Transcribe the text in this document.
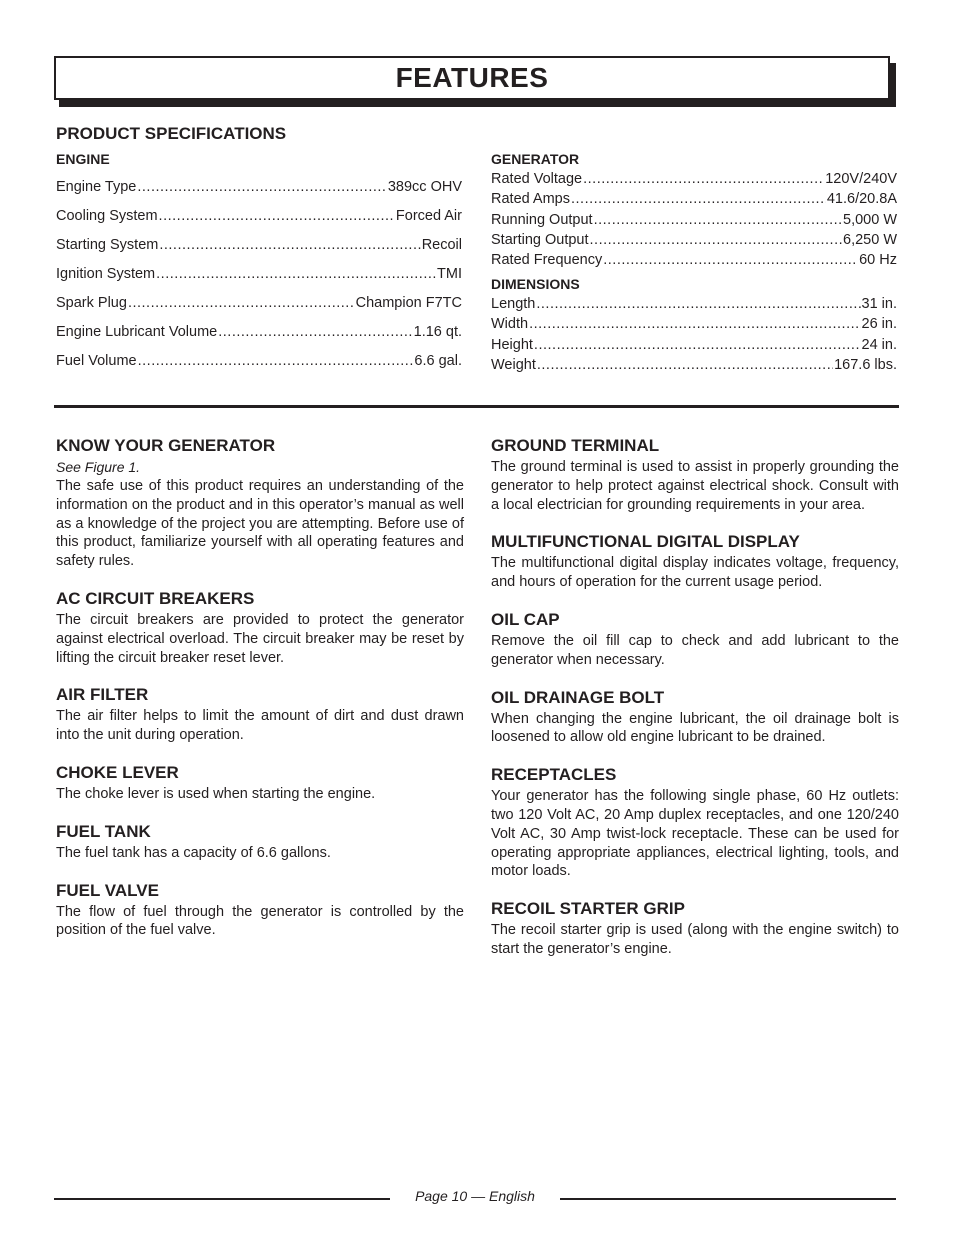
FEATURES
PRODUCT SPECIFICATIONS
ENGINE
Engine Type .....	389cc OHV
Cooling System .....	Forced Air
Starting System .....	Recoil
Ignition System .....	TMI
Spark Plug .....	Champion F7TC
Engine Lubricant Volume .....	1.16 qt.
Fuel Volume .....	6.6 gal.
GENERATOR
Rated Voltage .....	120V/240V
Rated Amps .....	41.6/20.8A
Running Output .....	5,000 W
Starting Output .....	6,250 W
Rated Frequency .....	60 Hz
DIMENSIONS
Length .....	31 in.
Width .....	26 in.
Height .....	24 in.
Weight .....	167.6 lbs.
KNOW YOUR GENERATOR
See Figure 1.

The safe use of this product requires an understanding of the information on the product and in this operator’s manual as well as a knowledge of the project you are attempting. Before use of this product, familiarize yourself with all operating features and safety rules.

AC CIRCUIT BREAKERS

The circuit breakers are provided to protect the generator against electrical overload. The circuit breaker may be reset by lifting the circuit breaker reset lever.

AIR FILTER

The air filter helps to limit the amount of dirt and dust drawn into the unit during operation.

CHOKE LEVER

The choke lever is used when starting the engine.

FUEL TANK

The fuel tank has a capacity of 6.6 gallons.

FUEL VALVE

The flow of fuel through the generator is controlled by the position of the fuel valve.

GROUND TERMINAL

The ground terminal is used to assist in properly grounding the generator to help protect against electrical shock. Consult with a local electrician for grounding requirements in your area.

MULTIFUNCTIONAL DIGITAL DISPLAY

The multifunctional digital display indicates voltage, frequency, and hours of operation for the current usage period.

OIL CAP

Remove the oil fill cap to check and add lubricant to the generator when necessary.

OIL DRAINAGE BOLT

When changing the engine lubricant, the oil drainage bolt is loosened to allow old engine lubricant to be drained.

RECEPTACLES

Your generator has the following single phase, 60 Hz outlets: two 120 Volt AC, 20 Amp duplex receptacles, and one 120/240 Volt AC, 30 Amp twist-lock receptacle. These can be used for operating appropriate appliances, electrical lighting, tools, and motor loads.

RECOIL STARTER GRIP

The recoil starter grip is used (along with the engine switch) to start the generator’s engine.

Page 10 — English
